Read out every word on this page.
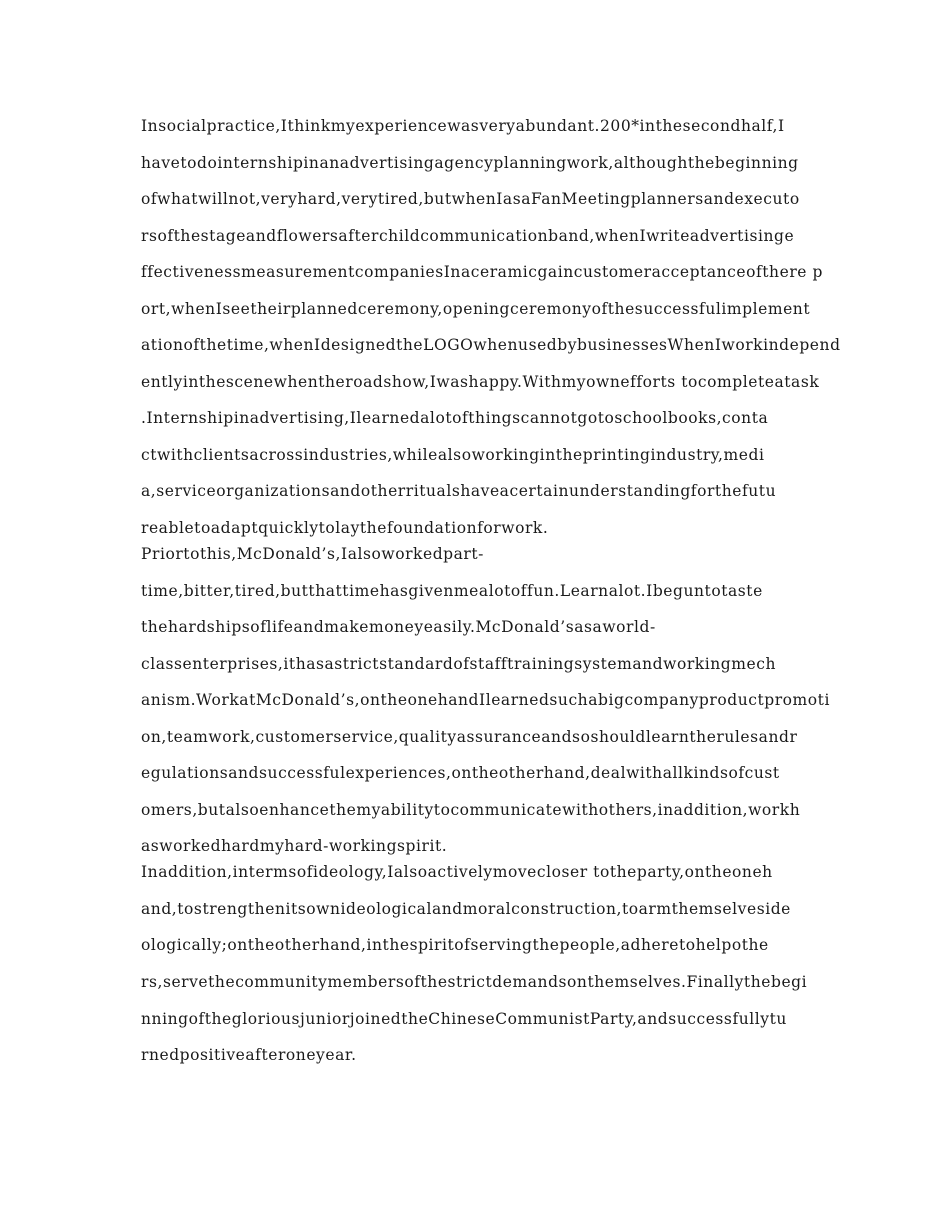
Insocialpractice,Ithinkmyexperiencewasveryabundant.200*inthesecondhalf,I
havetodointernshipinanadvertisingagencyplanningwork,althoughthebeginning
ofwhatwillnot,veryhard,verytired,butwhenIasaFanMeetingplannersandexecuto
rsofthestageandflowersafterchildcommunicationband,whenIwriteadvertisinge
ffectivenessmeasurementcompaniesInaceramicgaincustomeracceptanceofthere p
ort,whenIseetheirplannedceremony,openingceremonyofthesuccessfulimplement
ationofthetime,whenIdesignedtheLOGOwhenusedbybusinessesWhenIworkindepend
entlyinthescenewhentheroadshow,Iwashappy.Withmyownefforts tocompleteatask
.Internshipinadvertising,Ilearnedalotofthingscannotgotoschoolbooks,conta
ctwithclientsacrossindustries,whilealsoworkingintheprintingindustry,medi
a,serviceorganizationsandotherritualshaveacertainunderstandingforthefutu
reabletoadaptquicklytolaythefoundationforwork.
Priortothis,McDonald’s,Ialsoworkedpart-
time,bitter,tired,butthattimehasgivenmealotoffun.Learnalot.Ibeguntotaste
thehardshipsoflifeandmakemoneyeasily.McDonald’sasaworld-
classenterprises,ithasastrictstandardofstafftrainingsystemandworkingmech
anism.WorkatMcDonald’s,ontheonehandIlearnedsuchabigcompanyproductpromoti
on,teamwork,customerservice,qualityassuranceandsoshouldlearntherulesandr
egulationsandsuccessfulexperiences,ontheotherhand,dealwithallkindsofcust
omers,butalsoenhancethemyabilitytocommunicatewithothers,inaddition,workh
asworkedhardmyhard-workingspirit.
Inaddition,intermsofideology,Ialsoactivelymovecloser totheparty,ontheoneh
and,tostrengthenitsownideologicalandmoralconstruction,toarmthemselveside
ologically;ontheotherhand,inthespiritofservingthepeople,adheretohelpothe
rs,servethecommunitymembersofthestrictdemandsonthemselves.Finallythebegi
nningofthegloriousjuniorjoinedtheChineseCommunistParty,andsuccessfullytu
rnedpositiveafteroneyear.
